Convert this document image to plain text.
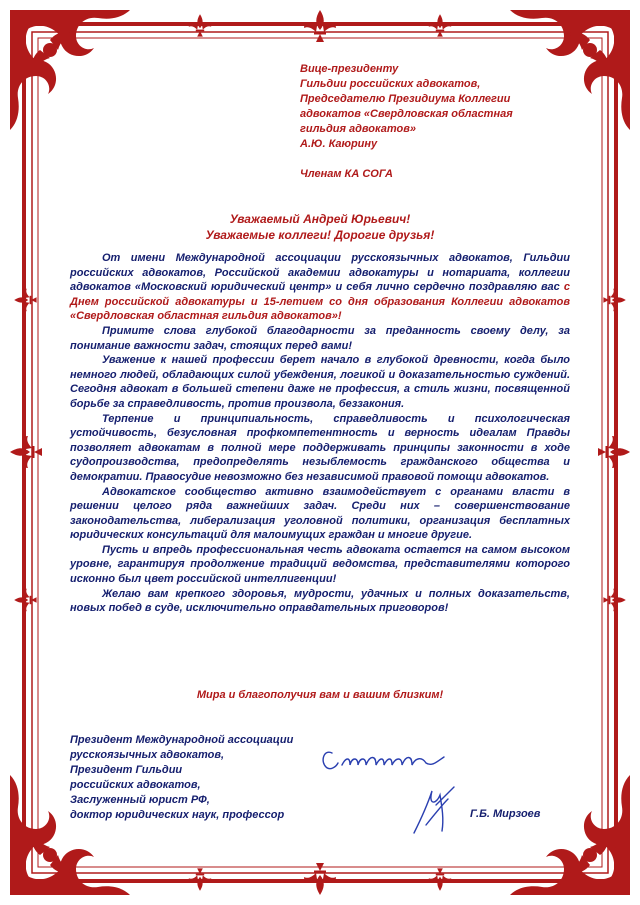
Вице-президенту
Гильдии российских адвокатов,
Председателю Президиума Коллегии
адвокатов «Свердловская областная
гильдия адвокатов»
А.Ю. Каюрину
Членам КА СОГА
Уважаемый Андрей Юрьевич!
Уважаемые коллеги! Дорогие друзья!

От имени Международной ассоциации русскоязычных адвокатов, Гильдии российских адвокатов, Российской академии адвокатуры и нотариата, коллегии адвокатов «Московский юридический центр» и себя лично сердечно поздравляю вас с Днем российской адвокатуры и 15-летием со дня образования Коллегии адвокатов «Свердловская областная гильдия адвокатов»!

Примите слова глубокой благодарности за преданность своему делу, за понимание важности задач, стоящих перед вами!

Уважение к нашей профессии берет начало в глубокой древности, когда было немного людей, обладающих силой убеждения, логикой и доказательностью суждений. Сегодня адвокат в большей степени даже не профессия, а стиль жизни, посвященной борьбе за справедливость, против произвола, беззакония.

Терпение и принципиальность, справедливость и психологическая устойчивость, безусловная профкомпетентность и верность идеалам Правды позволяет адвокатам в полной мере поддерживать принципы законности в ходе судопроизводства, предопределять незыблемость гражданского общества и демократии. Правосудие невозможно без независимой правовой помощи адвокатов.

Адвокатское сообщество активно взаимодействует с органами власти в решении целого ряда важнейших задач. Среди них – совершенствование законодательства, либерализация уголовной политики, организация бесплатных юридических консультаций для малоимущих граждан и многие другие.

Пусть и впредь профессиональная честь адвоката остается на самом высоком уровне, гарантируя продолжение традиций ведомства, представителями которого исконно был цвет российской интеллигенции!

Желаю вам крепкого здоровья, мудрости, удачных и полных доказательств, новых побед в суде, исключительно оправдательных приговоров!

Мира и благополучия вам и вашим близким!
Президент Международной ассоциации
русскоязычных адвокатов,
Президент Гильдии
российских адвокатов,
Заслуженный юрист РФ,
доктор юридических наук, профессор	Г.Б. Мирзоев
